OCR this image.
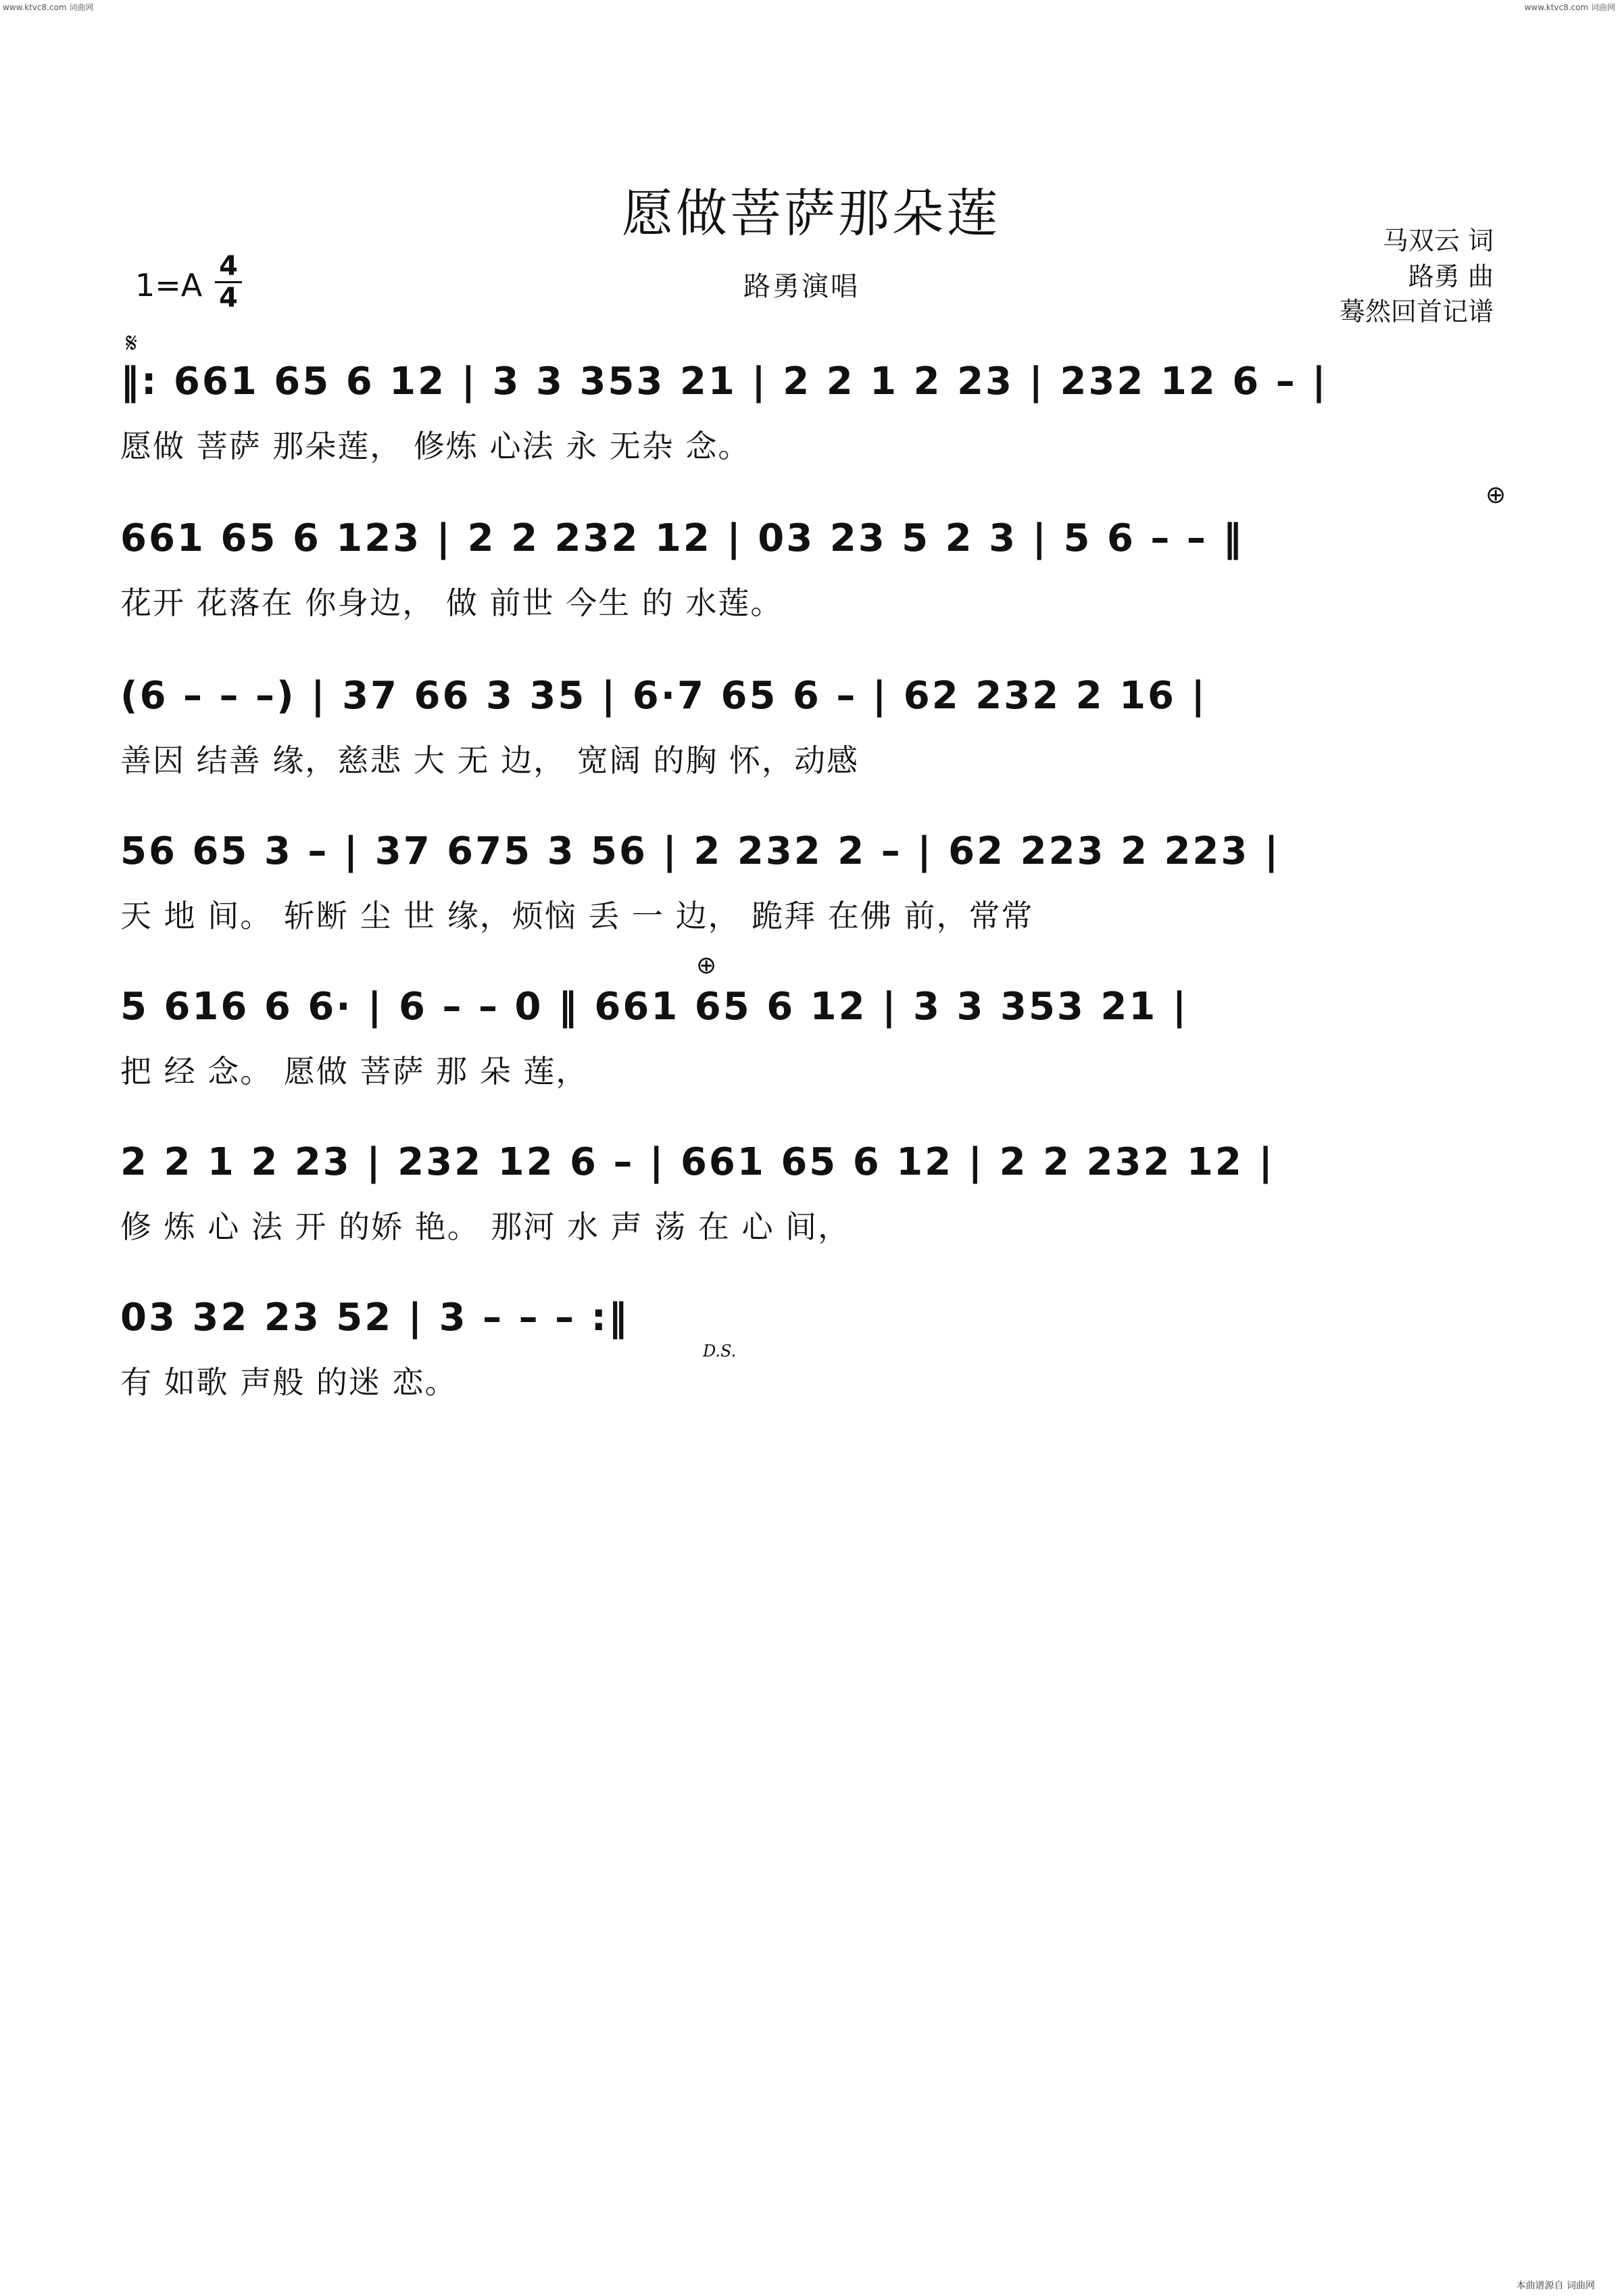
www.ktvc8.com 词曲网	www.ktvc8.com 词曲网
愿做菩萨那朵莲	马双云 词
路勇 曲
蓦然回首记谱
1=A
4
4	路勇演唱
𝄋
⊕
⊕
D.S.
‖: 661 65 6 12 | 3 3 353 21 | 2 2 1 2 23 | 232 12 6 – |
愿做 菩萨 那朵莲， 修炼 心法 永 无杂 念。
661 65 6 123 | 2 2 232 12 | 03 23 5 2 3 | 5 6 – – ‖
花开 花落在 你身边， 做 前世 今生 的 水莲。
(6 – – –) | 37 66 3 35 | 6·7 65 6 – | 62 232 2 16 |
善因 结善 缘，慈悲 大 无 边， 宽阔 的胸 怀，动感
56 65 3 – | 37 675 3 56 | 2 232 2 – | 62 223 2 223 |
天 地 间。 斩断 尘 世 缘，烦恼 丢 一 边， 跪拜 在佛 前，常常
5 616 6 6· | 6 – – 0 ‖ 661 65 6 12 | 3 3 353 21 |
把 经 念。 愿做 菩萨 那 朵 莲，
2 2 1 2 23 | 232 12 6 – | 661 65 6 12 | 2 2 232 12 |
修 炼 心 法 开 的娇 艳。 那河 水 声 荡 在 心 间，
03 32 23 52 | 3 – – – :‖
有 如歌 声般 的迷 恋。
本曲谱源自 词曲网
